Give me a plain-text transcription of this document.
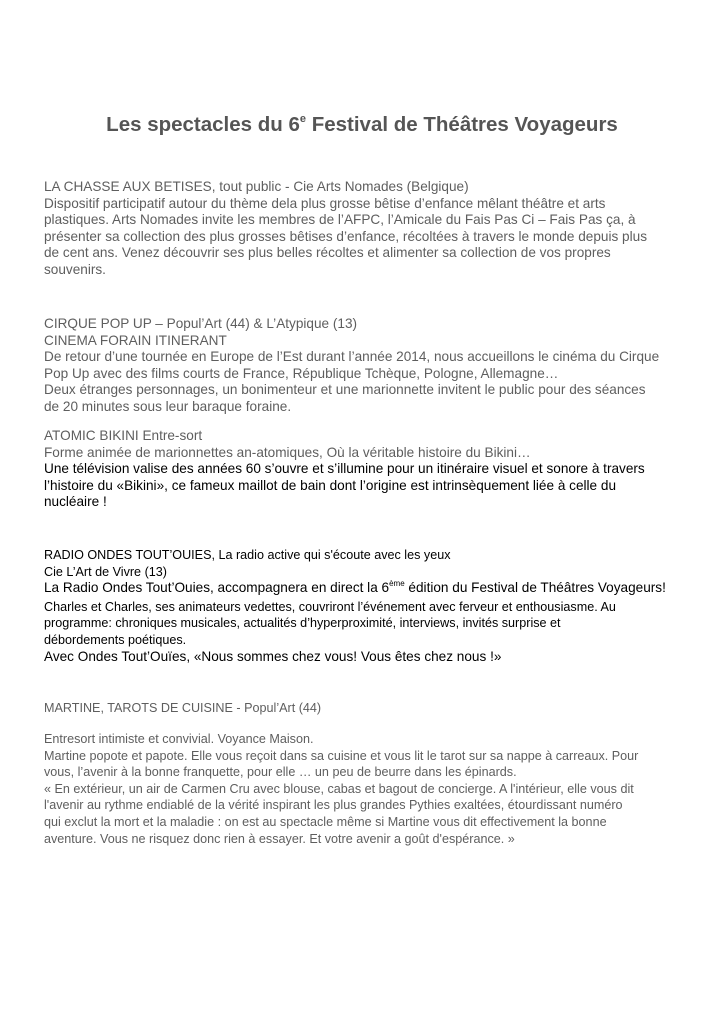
Les spectacles du 6e Festival de Théâtres Voyageurs
LA CHASSE AUX BETISES, tout public - Cie Arts Nomades (Belgique)
Dispositif participatif autour du thème dela plus grosse bêtise d’enfance mêlant théâtre et arts
plastiques. Arts Nomades invite les membres de l’AFPC, l’Amicale du Fais Pas Ci – Fais Pas ça, à
présenter sa collection des plus grosses bêtises d’enfance, récoltées à travers le monde depuis plus
de cent ans. Venez découvrir ses plus belles récoltes et alimenter sa collection de vos propres
souvenirs.
CIRQUE POP UP – Popul’Art (44) & L’Atypique (13)
CINEMA FORAIN ITINERANT
De retour d’une tournée en Europe de l’Est durant l’année 2014, nous accueillons le cinéma du Cirque
Pop Up avec des films courts de France, République Tchèque, Pologne, Allemagne…
Deux étranges personnages, un bonimenteur et une marionnette invitent le public pour des séances
de 20 minutes sous leur baraque foraine.
ATOMIC BIKINI Entre-sort
Forme animée de marionnettes an-atomiques, Où la véritable histoire du Bikini…
Une télévision valise des années 60 s’ouvre et s’illumine pour un itinéraire visuel et sonore à travers
l’histoire du «Bikini», ce fameux maillot de bain dont l’origine est intrinsèquement liée à celle du
nucléaire !
RADIO ONDES TOUT’OUIES, La radio active qui s'écoute avec les yeux
Cie L’Art de Vivre (13)
La Radio Ondes Tout’Ouies, accompagnera en direct la 6ème édition du Festival de Théâtres Voyageurs!
Charles et Charles, ses animateurs vedettes, couvriront l’événement avec ferveur et enthousiasme. Au
programme: chroniques musicales, actualités d’hyperproximité, interviews, invités surprise et
débordements poétiques.
Avec Ondes Tout’Ouïes, «Nous sommes chez vous! Vous êtes chez nous !»
MARTINE, TAROTS DE CUISINE - Popul’Art (44)
Entresort intimiste et convivial. Voyance Maison.
Martine popote et papote. Elle vous reçoit dans sa cuisine et vous lit le tarot sur sa nappe à carreaux. Pour
vous, l’avenir à la bonne franquette, pour elle … un peu de beurre dans les épinards.
« En extérieur, un air de Carmen Cru avec blouse, cabas et bagout de concierge. A l'intérieur, elle vous dit
l'avenir au rythme endiablé de la vérité inspirant les plus grandes Pythies exaltées, étourdissant numéro
qui exclut la mort et la maladie : on est au spectacle même si Martine vous dit effectivement la bonne
aventure. Vous ne risquez donc rien à essayer. Et votre avenir a goût d'espérance. »
